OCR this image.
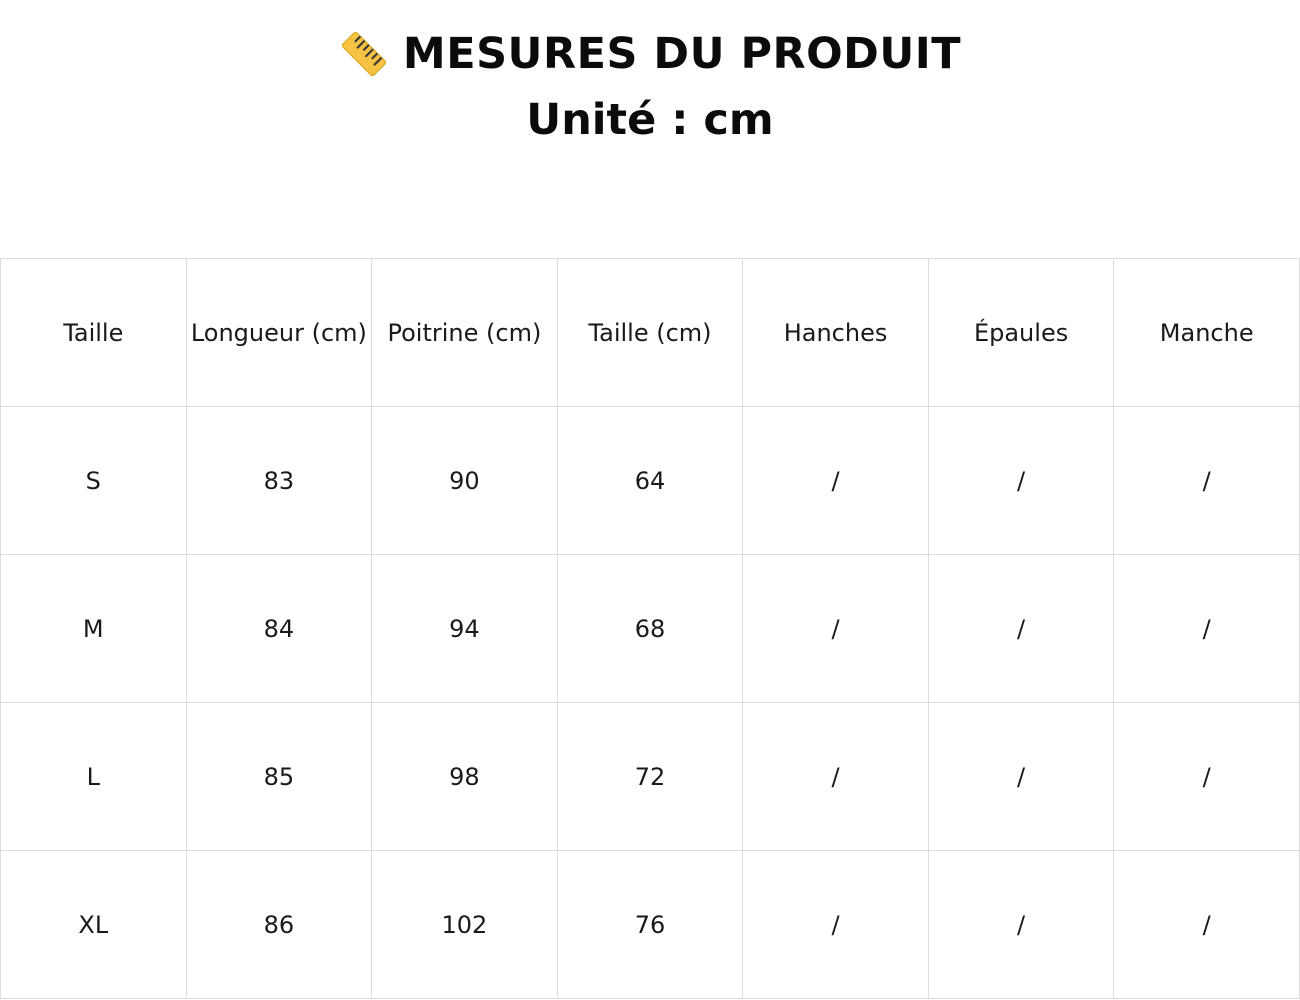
MESURES DU PRODUIT
Unité : cm
Taille	Longueur (cm)	Poitrine (cm)	Taille (cm)	Hanches	Épaules	Manche
S	83	90	64	/	/	/
M	84	94	68	/	/	/
L	85	98	72	/	/	/
XL	86	102	76	/	/	/
